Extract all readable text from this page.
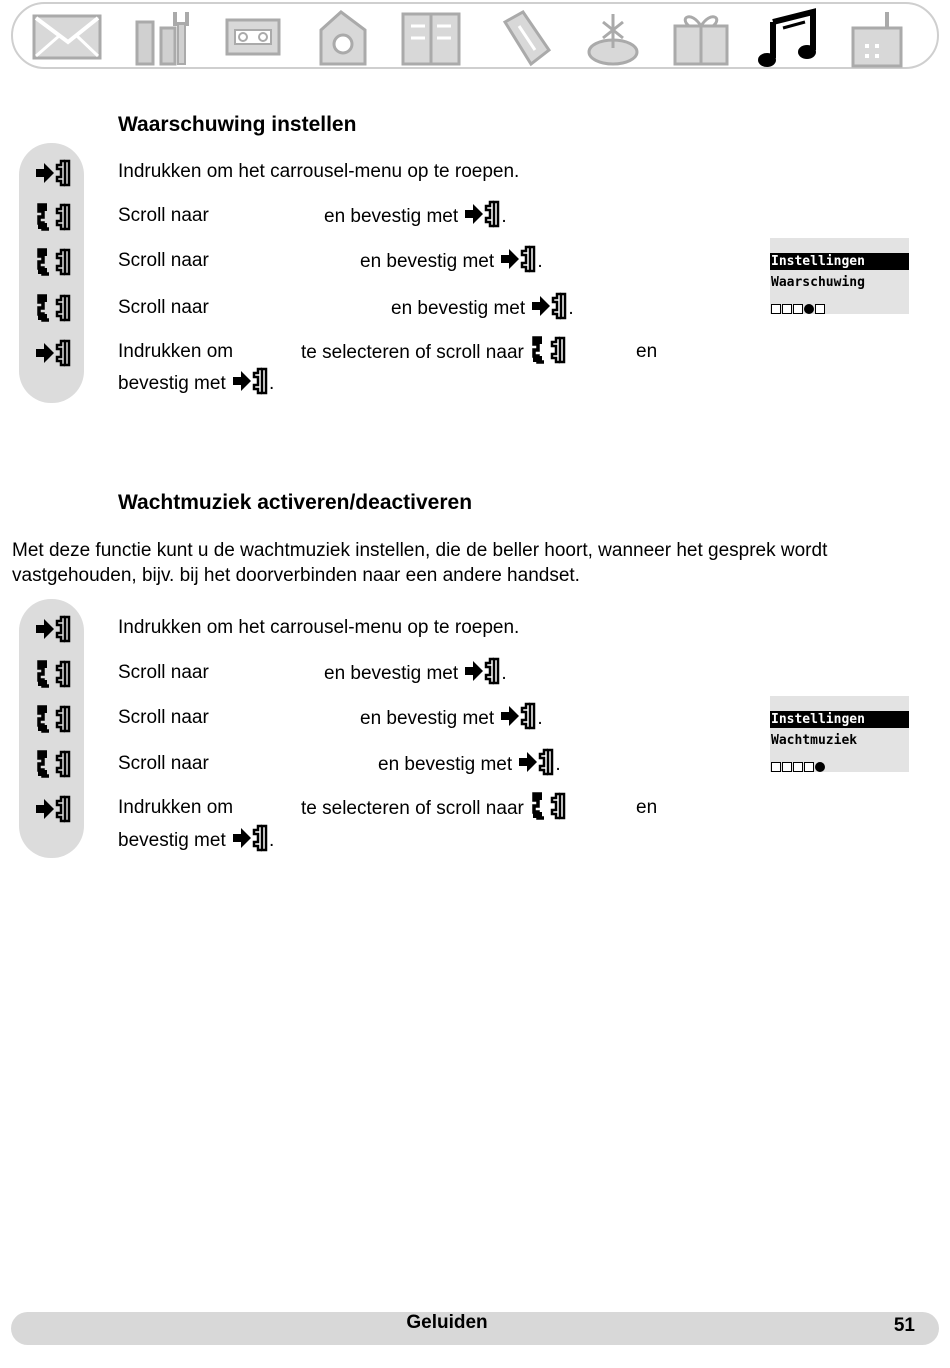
Waarschuwing instellen
Indrukken om het carrousel-menu op te roepen.
Scroll naar	en bevestig met .
Scroll naar	en bevestig met .
Scroll naar	en bevestig met .
Indrukken om	te selecteren of scroll naar	en
bevestig met .
Instellingen
Waarschuwing
Wachtmuziek activeren/deactiveren
Met deze functie kunt u de wachtmuziek instellen, die de beller hoort, wanneer het gesprek wordt vastgehouden, bijv. bij het doorverbinden naar een andere handset.
Indrukken om het carrousel-menu op te roepen.
Scroll naar	en bevestig met .
Scroll naar	en bevestig met .
Scroll naar	en bevestig met .
Indrukken om	te selecteren of scroll naar	en
bevestig met .
Instellingen
Wachtmuziek
Geluiden	51
